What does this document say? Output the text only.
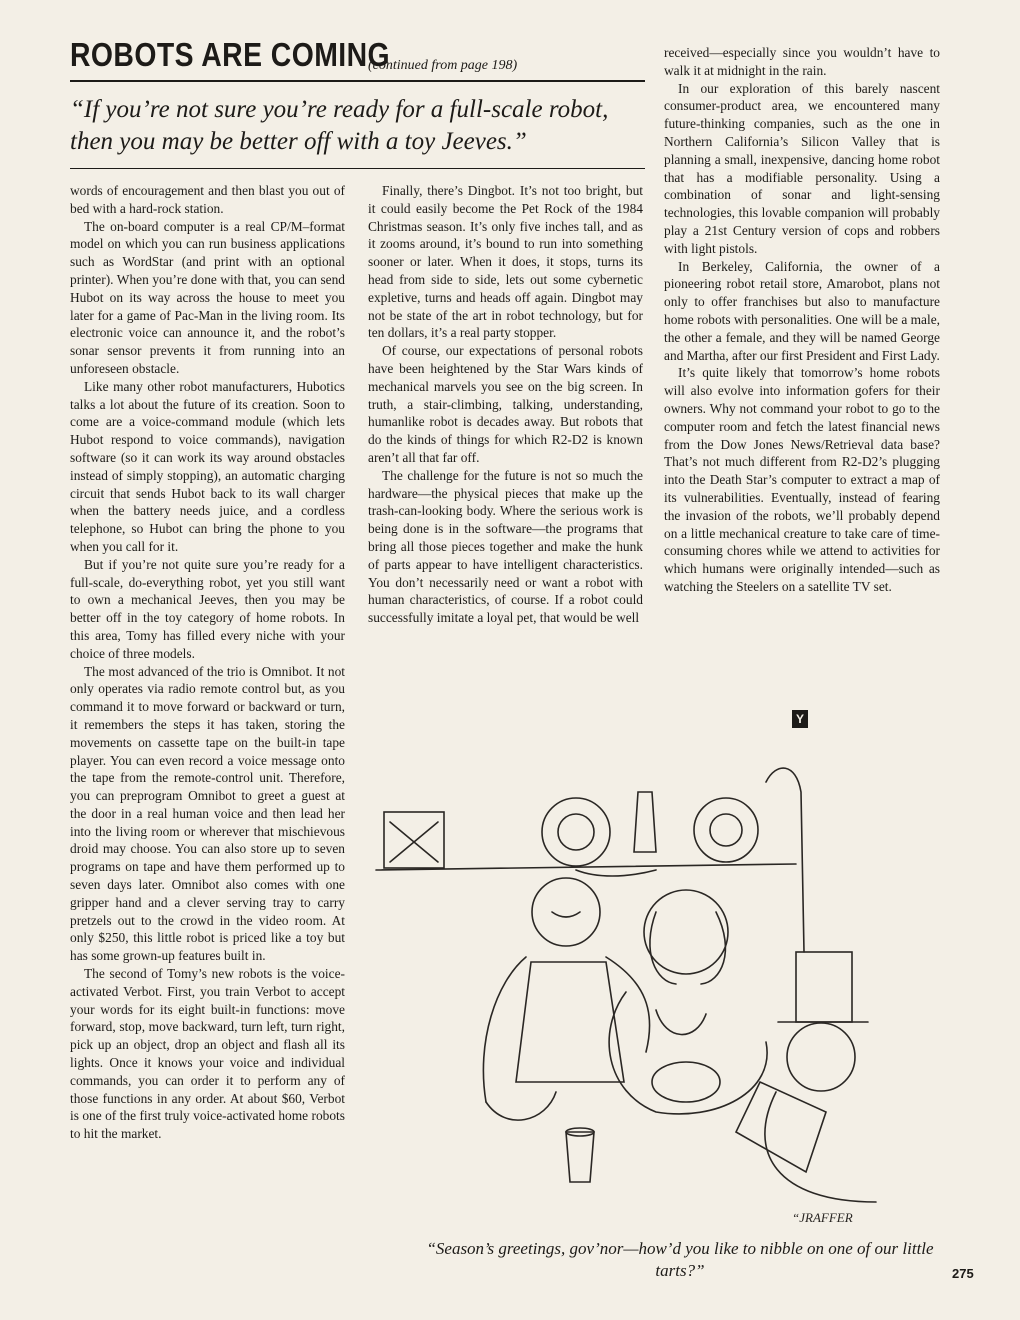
ROBOTS ARE COMING
(continued from page 198)
“If you’re not sure you’re ready for a full-scale robot, then you may be better off with a toy Jeeves.”

words of encouragement and then blast you out of bed with a hard-rock station.

The on-board computer is a real CP/M–format model on which you can run business applications such as WordStar (and print with an optional printer). When you’re done with that, you can send Hubot on its way across the house to meet you later for a game of Pac-Man in the living room. Its electronic voice can announce it, and the robot’s sonar sensor prevents it from running into an unforeseen obstacle.

Like many other robot manufacturers, Hubotics talks a lot about the future of its creation. Soon to come are a voice-command module (which lets Hubot respond to voice commands), navigation software (so it can work its way around obstacles instead of simply stopping), an automatic charging circuit that sends Hubot back to its wall charger when the battery needs juice, and a cordless telephone, so Hubot can bring the phone to you when you call for it.

But if you’re not quite sure you’re ready for a full-scale, do-everything robot, yet you still want to own a mechanical Jeeves, then you may be better off in the toy category of home robots. In this area, Tomy has filled every niche with your choice of three models.

The most advanced of the trio is Omnibot. It not only operates via radio remote control but, as you command it to move forward or backward or turn, it remembers the steps it has taken, storing the movements on cassette tape on the built-in tape player. You can even record a voice message onto the tape from the remote-control unit. Therefore, you can preprogram Omnibot to greet a guest at the door in a real human voice and then lead her into the living room or wherever that mischievous droid may choose. You can also store up to seven programs on tape and have them performed up to seven days later. Omnibot also comes with one gripper hand and a clever serving tray to carry pretzels out to the crowd in the video room. At only $250, this little robot is priced like a toy but has some grown-up features built in.

The second of Tomy’s new robots is the voice-activated Verbot. First, you train Verbot to accept your words for its eight built-in functions: move forward, stop, move backward, turn left, turn right, pick up an object, drop an object and flash all its lights. Once it knows your voice and individual commands, you can order it to perform any of those functions in any order. At about $60, Verbot is one of the first truly voice-activated home robots to hit the market.

Finally, there’s Dingbot. It’s not too bright, but it could easily become the Pet Rock of the 1984 Christmas season. It’s only five inches tall, and as it zooms around, it’s bound to run into something sooner or later. When it does, it stops, turns its head from side to side, lets out some cybernetic expletive, turns and heads off again. Dingbot may not be state of the art in robot technology, but for ten dollars, it’s a real party stopper.

Of course, our expectations of personal robots have been heightened by the Star Wars kinds of mechanical marvels you see on the big screen. In truth, a stair-climbing, talking, understanding, humanlike robot is decades away. But robots that do the kinds of things for which R2-D2 is known aren’t all that far off.

The challenge for the future is not so much the hardware—the physical pieces that make up the trash-can-looking body. Where the serious work is being done is in the software—the programs that bring all those pieces together and make the hunk of parts appear to have intelligent characteristics. You don’t necessarily need or want a robot with human characteristics, of course. If a robot could successfully imitate a loyal pet, that would be well

received—especially since you wouldn’t have to walk it at midnight in the rain.

In our exploration of this barely nascent consumer-product area, we encountered many future-thinking companies, such as the one in Northern California’s Silicon Valley that is planning a small, inexpensive, dancing home robot that has a modifiable personality. Using a combination of sonar and light-sensing technologies, this lovable companion will probably play a 21st Century version of cops and robbers with light pistols.

In Berkeley, California, the owner of a pioneering robot retail store, Amarobot, plans not only to offer franchises but also to manufacture home robots with personalities. One will be a male, the other a female, and they will be named George and Martha, after our first President and First Lady.

It’s quite likely that tomorrow’s home robots will also evolve into information gofers for their owners. Why not command your robot to go to the computer room and fetch the latest financial news from the Dow Jones News/Retrieval data base? That’s not much different from R2-D2’s plugging into the Death Star’s computer to extract a map of its vulnerabilities. Eventually, instead of fearing the invasion of the robots, we’ll probably depend on a little mechanical creature to take care of time-consuming chores while we attend to activities for which humans were originally intended—such as watching the Steelers on a satellite TV set.

Y
“JRAFFER
“Season’s greetings, gov’nor—how’d you like to nibble on one of our little tarts?”	275
